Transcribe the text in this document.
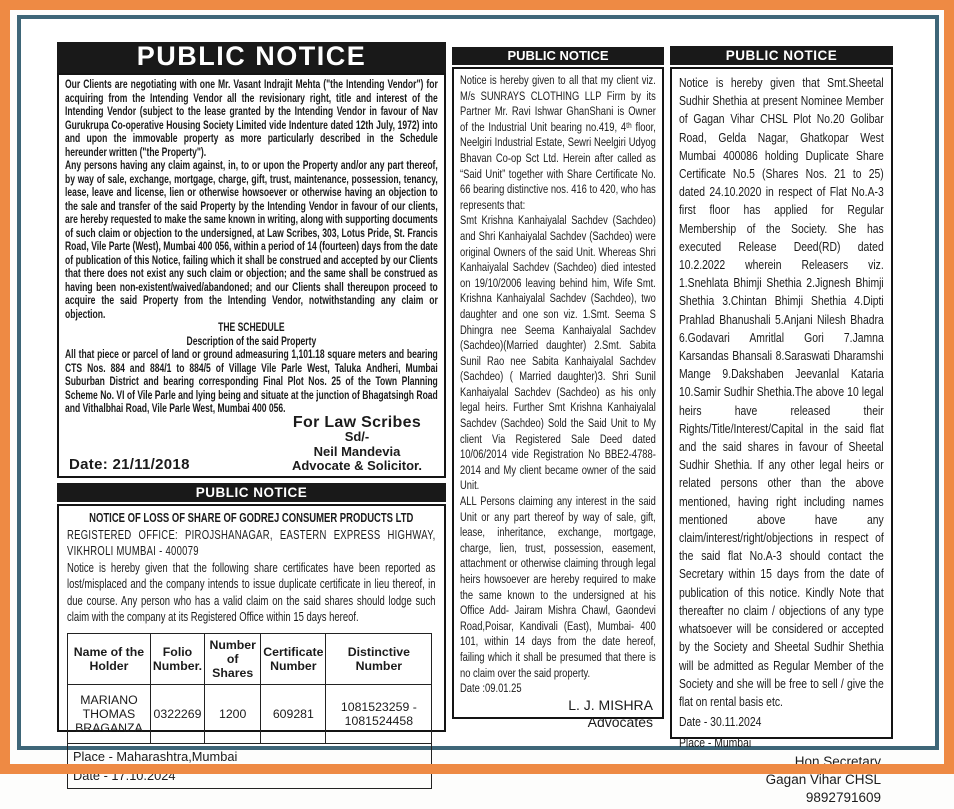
PUBLIC NOTICE

Our Clients are negotiating with one Mr. Vasant Indrajit Mehta ("the Intending Vendor") for acquiring from the Intending Vendor all the revisionary right, title and interest of the Intending Vendor (subject to the lease granted by the Intending Vendor in favour of Nav Gurukrupa Co-operative Housing Society Limited vide Indenture dated 12th July, 1972) into and upon the immovable property as more particularly described in the Schedule hereunder written ("the Property").

Any persons having any claim against, in, to or upon the Property and/or any part thereof, by way of sale, exchange, mortgage, charge, gift, trust, maintenance, possession, tenancy, lease, leave and license, lien or otherwise howsoever or otherwise having an objection to the sale and transfer of the said Property by the Intending Vendor in favour of our clients, are hereby requested to make the same known in writing, along with supporting documents of such claim or objection to the undersigned, at Law Scribes, 303, Lotus Pride, St. Francis Road, Vile Parte (West), Mumbai 400 056, within a period of 14 (fourteen) days from the date of publication of this Notice, failing which it shall be construed and accepted by our Clients that there does not exist any such claim or objection; and the same shall be construed as having been non-existent/waived/abandoned; and our Clients shall thereupon proceed to acquire the said Property from the Intending Vendor, notwithstanding any claim or objection.

THE SCHEDULE

Description of the said Property

All that piece or parcel of land or ground admeasuring 1,101.18 square meters and bearing CTS Nos. 884 and 884/1 to 884/5 of Village Vile Parle West, Taluka Andheri, Mumbai Suburban District and bearing corresponding Final Plot Nos. 25 of the Town Planning Scheme No. VI of Vile Parle and lying being and situate at the junction of Bhagatsingh Road and Vithalbhai Road, Vile Parle West, Mumbai 400 056.

Date: 21/11/2018
For Law Scribes
Sd/-
Neil Mandevia
Advocate & Solicitor.
PUBLIC NOTICE
NOTICE OF LOSS OF SHARE OF GODREJ CONSUMER PRODUCTS LTD
REGISTERED OFFICE: PIROJSHANAGAR, EASTERN EXPRESS HIGHWAY, VIKHROLI MUMBAI - 400079
Notice is hereby given that the following share certificates have been reported as lost/misplaced and the company intends to issue duplicate certificate in lieu thereof, in due course. Any person who has a valid claim on the said shares should lodge such claim with the company at its Registered Office within 15 days hereof.
Name of the Holder	Folio Number.	Number of Shares	Certificate Number	Distinctive Number
MARIANO THOMAS BRAGANZA	0322269	1200	609281	1081523259 - 1081524458

Place - Maharashtra,Mumbai
Date - 17.10.2024				
PUBLIC NOTICE

Notice is hereby given to all that my client viz. M/s SUNRAYS CLOTHING LLP Firm by its Partner Mr. Ravi Ishwar GhanShani is Owner of the Industrial Unit bearing no.419, 4ᵗʰ floor, Neelgiri Industrial Estate, Sewri Neelgiri Udyog Bhavan Co-op Sct Ltd. Herein after called as “Said Unit” together with Share Certificate No. 66 bearing distinctive nos. 416 to 420, who has represents that:

Smt Krishna Kanhaiyalal Sachdev (Sachdeo) and Shri Kanhaiyalal Sachdev (Sachdeo) were original Owners of the said Unit. Whereas Shri Kanhaiyalal Sachdev (Sachdeo) died intested on 19/10/2006 leaving behind him, Wife Smt. Krishna Kanhaiyalal Sachdev (Sachdeo), two daughter and one son viz. 1.Smt. Seema S Dhingra nee Seema Kanhaiyalal Sachdev (Sachdeo)(Married daughter) 2.Smt. Sabita Sunil Rao nee Sabita Kanhaiyalal Sachdev (Sachdeo) ( Married daughter)3. Shri Sunil Kanhaiyalal Sachdev (Sachdeo) as his only legal heirs. Further Smt Krishna Kanhaiyalal Sachdev (Sachdeo) Sold the Said Unit to My client Via Registered Sale Deed dated 10/06/2014 vide Registration No BBE2-4788-2014 and My client became owner of the said Unit.

ALL Persons claiming any interest in the said Unit or any part thereof by way of sale, gift, lease, inheritance, exchange, mortgage, charge, lien, trust, possession, easement, attachment or otherwise claiming through legal heirs howsoever are hereby required to make the same known to the undersigned at his Office Add- Jairam Mishra Chawl, Gaondevi Road,Poisar, Kandivali (East), Mumbai- 400 101, within 14 days from the date hereof, failing which it shall be presumed that there is no claim over the said property.

Date :09.01.25

L. J. MISHRA
Advocates
PUBLIC NOTICE

Notice is hereby given that Smt.Sheetal Sudhir Shethia at present Nominee Member of Gagan Vihar CHSL Plot No.20 Golibar Road, Gelda Nagar, Ghatkopar West Mumbai 400086 holding Duplicate Share Certificate No.5 (Shares Nos. 21 to 25) dated 24.10.2020 in respect of Flat No.A-3 first floor has applied for Regular Membership of the Society. She has executed Release Deed(RD) dated 10.2.2022 wherein Releasers viz. 1.Snehlata Bhimji Shethia 2.Jignesh Bhimji Shethia 3.Chintan Bhimji Shethia 4.Dipti Prahlad Bhanushali 5.Anjani Nilesh Bhadra 6.Godavari Amritlal Gori 7.Jamna Karsandas Bhansali 8.Saraswati Dharamshi Mange 9.Dakshaben Jeevanlal Kataria 10.Samir Sudhir Shethia.The above 10 legal heirs have released their Rights/Title/Interest/Capital in the said flat and the said shares in favour of Sheetal Sudhir Shethia. If any other legal heirs or related persons other than the above mentioned, having right including names mentioned above have any claim/interest/right/objections in respect of the said flat No.A-3 should contact the Secretary within 15 days from the date of publication of this notice. Kindly Note that thereafter no claim / objections of any type whatsoever will be considered or accepted by the Society and Sheetal Sudhir Shethia will be admitted as Regular Member of the Society and she will be free to sell / give the flat on rental basis etc.

Date - 30.11.2024

Place - Mumbai

Hon.Secretary
Gagan Vihar CHSL
9892791609
